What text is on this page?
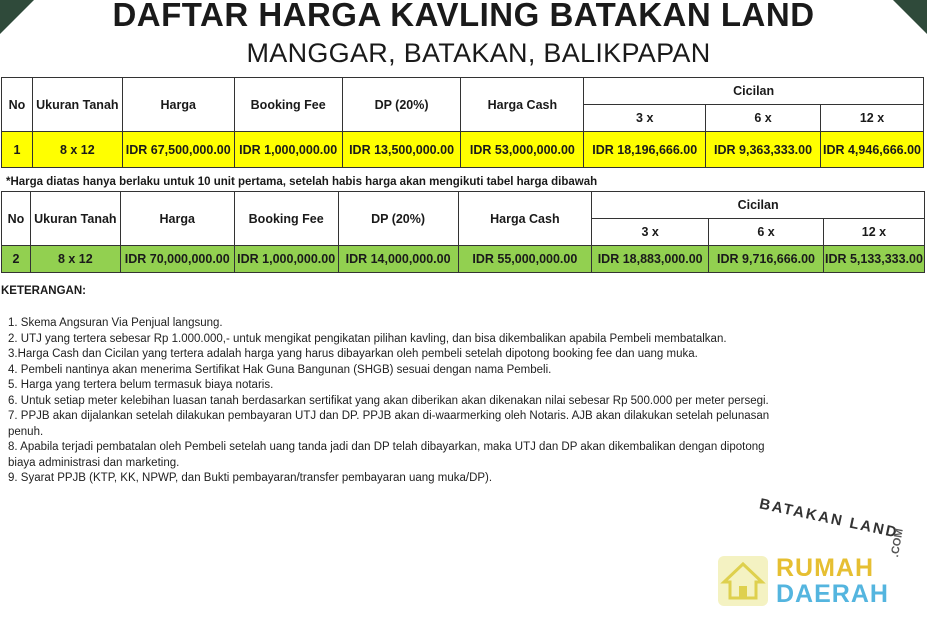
DAFTAR HARGA KAVLING BATAKAN LAND
MANGGAR, BATAKAN, BALIKPAPAN
No	Ukuran Tanah	Harga	Booking Fee	DP (20%)	Harga Cash	Cicilan		
						3 x	6 x	12 x
1	8 x 12	IDR 67,500,000.00	IDR 1,000,000.00	IDR 13,500,000.00	IDR 53,000,000.00	IDR 18,196,666.00	IDR 9,363,333.00	IDR 4,946,666.00
*Harga diatas hanya berlaku untuk 10 unit pertama, setelah habis harga akan mengikuti tabel harga dibawah
No	Ukuran Tanah	Harga	Booking Fee	DP (20%)	Harga Cash	Cicilan		
						3 x	6 x	12 x
2	8 x 12	IDR 70,000,000.00	IDR 1,000,000.00	IDR 14,000,000.00	IDR 55,000,000.00	IDR 18,883,000.00	IDR 9,716,666.00	IDR 5,133,333.00
KETERANGAN:
1. Skema Angsuran Via Penjual langsung.
2. UTJ yang tertera sebesar Rp 1.000.000,- untuk mengikat pengikatan pilihan kavling, dan bisa dikembalikan apabila Pembeli membatalkan.
3.Harga Cash dan Cicilan yang tertera adalah harga yang harus dibayarkan oleh pembeli setelah dipotong booking fee dan uang muka.
4. Pembeli nantinya akan menerima Sertifikat Hak Guna Bangunan (SHGB) sesuai dengan nama Pembeli.
5. Harga yang tertera belum termasuk biaya notaris.
6. Untuk setiap meter kelebihan luasan tanah berdasarkan sertifikat yang akan diberikan akan dikenakan nilai sebesar Rp 500.000 per meter persegi.
7. PPJB akan dijalankan setelah dilakukan pembayaran UTJ dan DP. PPJB akan di-waarmerking oleh Notaris. AJB akan dilakukan setelah pelunasan penuh.
8. Apabila terjadi pembatalan oleh Pembeli setelah uang tanda jadi dan DP telah dibayarkan, maka UTJ dan DP akan dikembalikan dengan dipotong biaya administrasi dan marketing.
9. Syarat PPJB (KTP, KK, NPWP, dan Bukti pembayaran/transfer pembayaran uang muka/DP).
BATAKAN LAND
RUMAH
DAERAH
.COM
